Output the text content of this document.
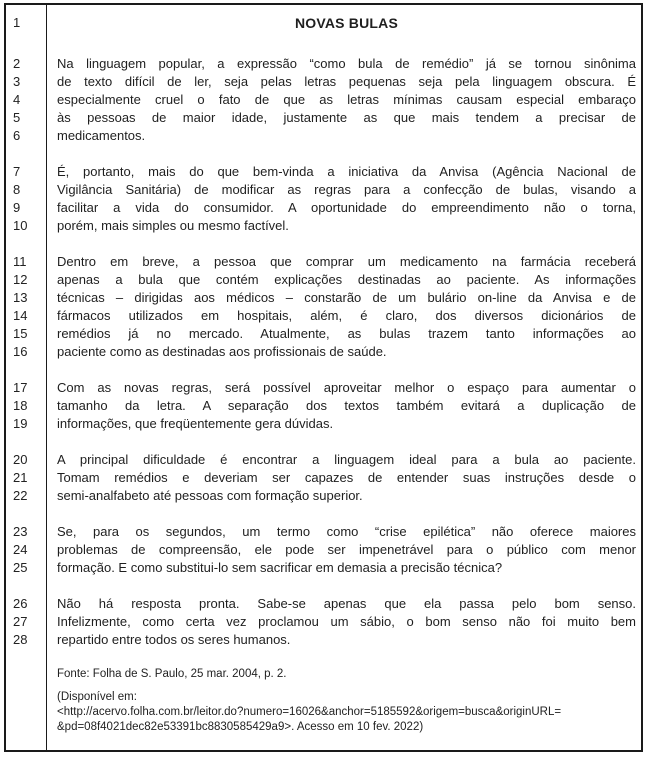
1
2
3
4
5
6
7
8
9
10
11
12
13
14
15
16
17
18
19
20
21
22
23
24
25
26
27
28
NOVAS BULAS
Na linguagem popular, a expressão “como bula de remédio” já se tornou sinônima
de texto difícil de ler, seja pelas letras pequenas seja pela linguagem obscura. É
especialmente cruel o fato de que as letras mínimas causam especial embaraço
às pessoas de maior idade, justamente as que mais tendem a precisar de
medicamentos.
É, portanto, mais do que bem-vinda a iniciativa da Anvisa (Agência Nacional de
Vigilância Sanitária) de modificar as regras para a confecção de bulas, visando a
facilitar a vida do consumidor. A oportunidade do empreendimento não o torna,
porém, mais simples ou mesmo factível.
Dentro em breve, a pessoa que comprar um medicamento na farmácia receberá
apenas a bula que contém explicações destinadas ao paciente. As informações
técnicas – dirigidas aos médicos – constarão de um bulário on-line da Anvisa e de
fármacos utilizados em hospitais, além, é claro, dos diversos dicionários de
remédios já no mercado. Atualmente, as bulas trazem tanto informações ao
paciente como as destinadas aos profissionais de saúde.
Com as novas regras, será possível aproveitar melhor o espaço para aumentar o
tamanho da letra. A separação dos textos também evitará a duplicação de
informações, que freqüentemente gera dúvidas.
A principal dificuldade é encontrar a linguagem ideal para a bula ao paciente.
Tomam remédios e deveriam ser capazes de entender suas instruções desde o
semi-analfabeto até pessoas com formação superior.
Se, para os segundos, um termo como “crise epilética” não oferece maiores
problemas de compreensão, ele pode ser impenetrável para o público com menor
formação. E como substitui-lo sem sacrificar em demasia a precisão técnica?
Não há resposta pronta. Sabe-se apenas que ela passa pelo bom senso.
Infelizmente, como certa vez proclamou um sábio, o bom senso não foi muito bem
repartido entre todos os seres humanos.
Fonte: Folha de S. Paulo, 25 mar. 2004, p. 2.
(Disponível em:
<http://acervo.folha.com.br/leitor.do?numero=16026&anchor=5185592&origem=busca&originURL=
&pd=08f4021dec82e53391bc8830585429a9>. Acesso em 10 fev. 2022)
